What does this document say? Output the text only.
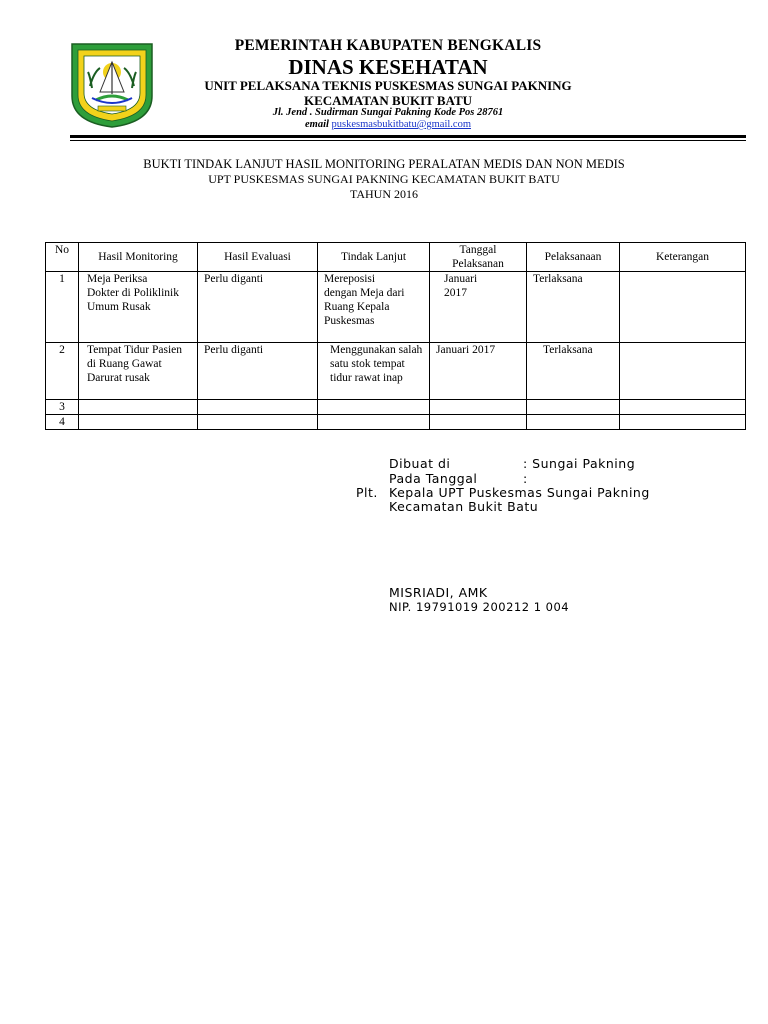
PEMERINTAH KABUPATEN BENGKALIS
DINAS KESEHATAN
UNIT PELAKSANA TEKNIS PUSKESMAS SUNGAI PAKNING
KECAMATAN BUKIT BATU
Jl. Jend . Sudirman Sungai Pakning Kode Pos 28761
email puskesmasbukitbatu@gmail.com
BUKTI TINDAK LANJUT HASIL MONITORING PERALATAN MEDIS DAN NON MEDIS
UPT PUSKESMAS SUNGAI PAKNING KECAMATAN BUKIT BATU
TAHUN 2016
No	Hasil Monitoring	Hasil Evaluasi	Tindak Lanjut	Tanggal Pelaksanan	Pelaksanaan	Keterangan
1	Meja Periksa Dokter di Poliklinik Umum Rusak	Perlu diganti	Mereposisi dengan Meja dari Ruang Kepala Puskesmas	Januari 2017	Terlaksana	
2	Tempat Tidur Pasien di Ruang Gawat Darurat rusak	Perlu diganti	Menggunakan salah satu stok tempat tidur rawat inap	Januari 2017	Terlaksana	
3						
4						
Dibuat di	: Sungai Pakning
Pada Tanggal	:
Plt. Kepala UPT Puskesmas Sungai Pakning
Kecamatan Bukit Batu
MISRIADI, AMK
NIP. 19791019 200212 1 004
